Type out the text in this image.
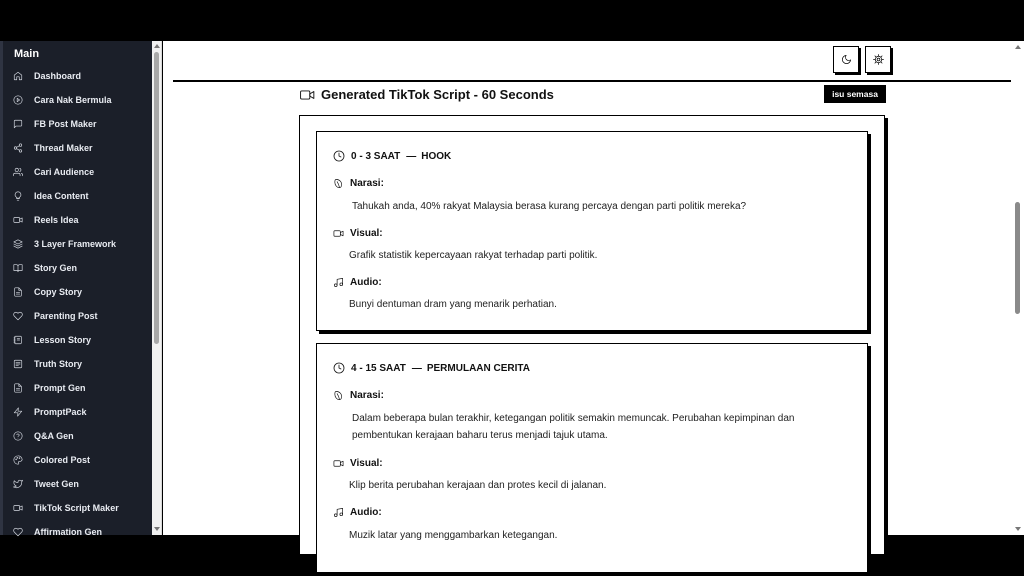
Main
Dashboard
Cara Nak Bermula
FB Post Maker
Thread Maker
Cari Audience
Idea Content
Reels Idea
3 Layer Framework
Story Gen
Copy Story
Parenting Post
Lesson Story
Truth Story
Prompt Gen
PromptPack
Q&A Gen
Colored Post
Tweet Gen
TikTok Script Maker
Affirmation Gen
Generated TikTok Script - 60 Seconds	isu semasa
0 - 3 SAAT — HOOK
Narasi:
Tahukah anda, 40% rakyat Malaysia berasa kurang percaya dengan parti politik mereka?
Visual:
Grafik statistik kepercayaan rakyat terhadap parti politik.
Audio:
Bunyi dentuman dram yang menarik perhatian.
4 - 15 SAAT — PERMULAAN CERITA
Narasi:
Dalam beberapa bulan terakhir, ketegangan politik semakin memuncak. Perubahan kepimpinan dan
pembentukan kerajaan baharu terus menjadi tajuk utama.
Visual:
Klip berita perubahan kerajaan dan protes kecil di jalanan.
Audio:
Muzik latar yang menggambarkan ketegangan.
